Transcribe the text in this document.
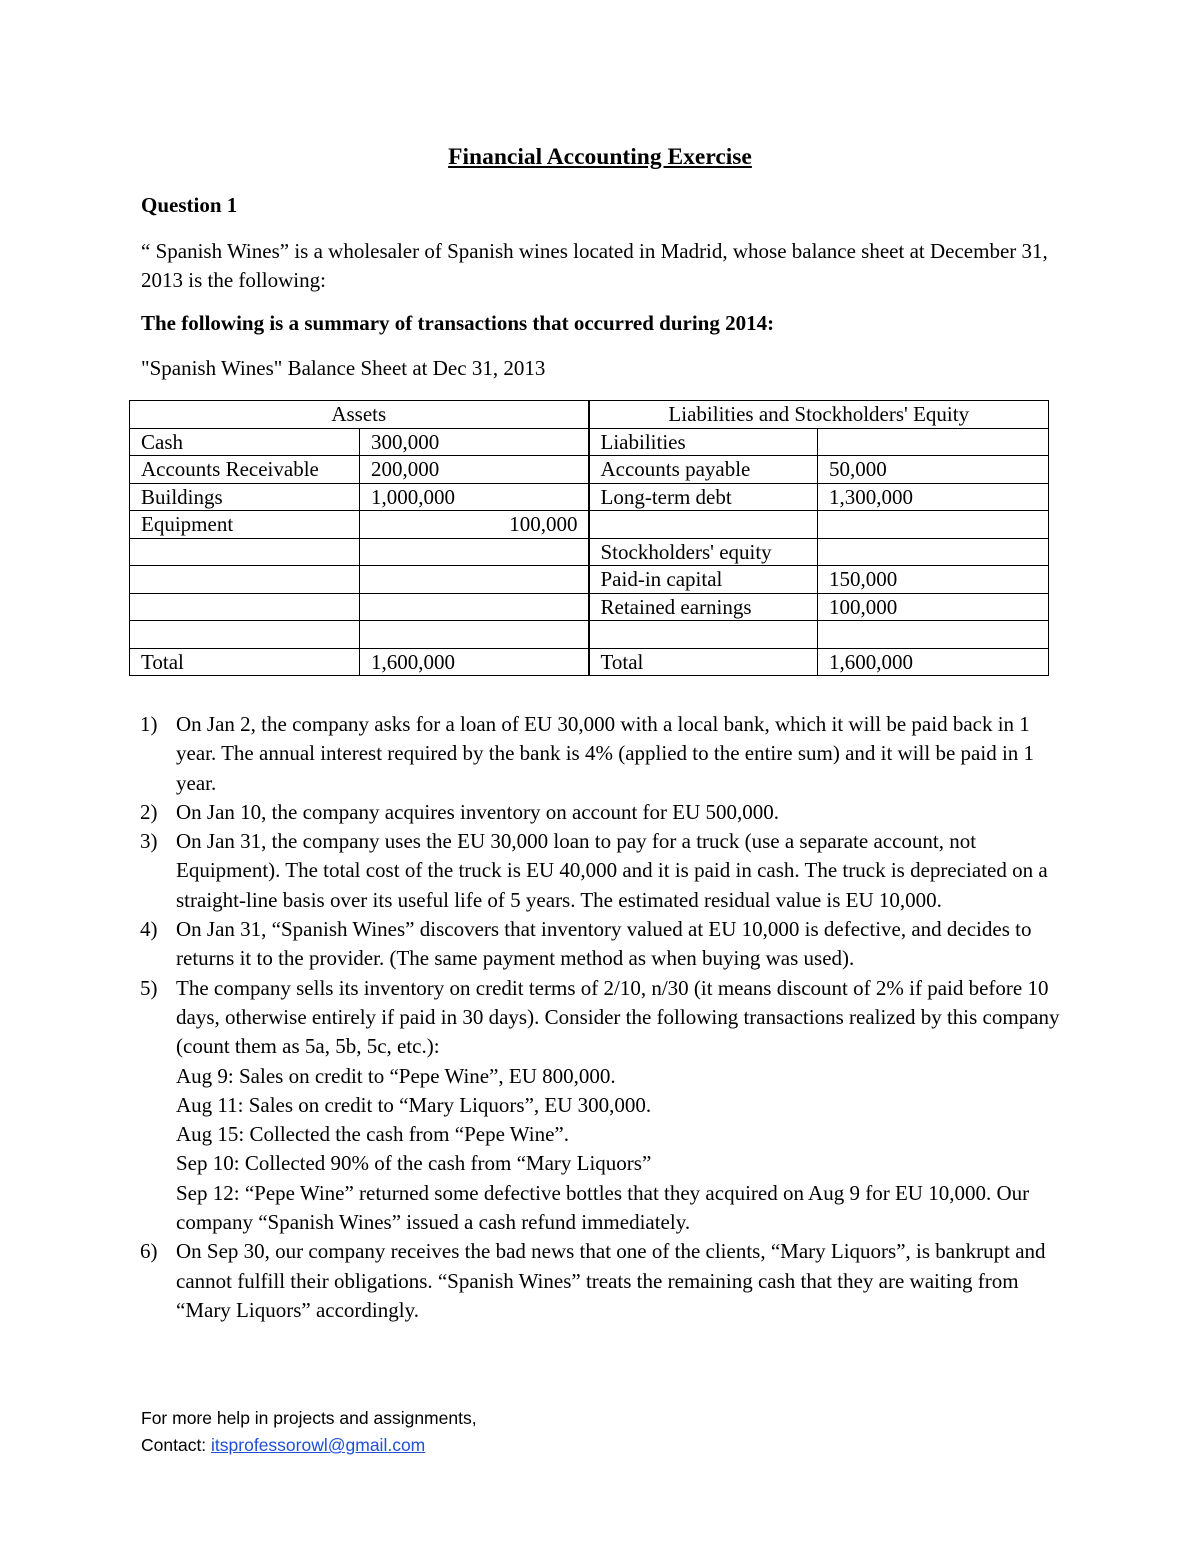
Financial Accounting Exercise
Question 1
“ Spanish Wines” is a wholesaler of Spanish wines located in Madrid, whose balance sheet at December 31, 2013 is the following:
The following is a summary of transactions that occurred during 2014:
"Spanish Wines" Balance Sheet at Dec 31, 2013
Assets		Liabilities and Stockholders' Equity	
Cash	300,000	Liabilities	
Accounts Receivable	200,000	Accounts payable	50,000
Buildings	1,000,000	Long-term debt	1,300,000
Equipment	100,000		
		Stockholders' equity	
		Paid-in capital	150,000
		Retained earnings	100,000

Total	1,600,000	Total	1,600,000
1) On Jan 2, the company asks for a loan of EU 30,000 with a local bank, which it will be paid back in 1 year. The annual interest required by the bank is 4% (applied to the entire sum) and it will be paid in 1 year.
2) On Jan 10, the company acquires inventory on account for EU 500,000.
3) On Jan 31, the company uses the EU 30,000 loan to pay for a truck (use a separate account, not Equipment). The total cost of the truck is EU 40,000 and it is paid in cash. The truck is depreciated on a straight-line basis over its useful life of 5 years. The estimated residual value is EU 10,000.
4) On Jan 31, “Spanish Wines” discovers that inventory valued at EU 10,000 is defective, and decides to returns it to the provider. (The same payment method as when buying was used).
5) The company sells its inventory on credit terms of 2/10, n/30 (it means discount of 2% if paid before 10 days, otherwise entirely if paid in 30 days). Consider the following transactions realized by this company (count them as 5a, 5b, 5c, etc.):
Aug 9: Sales on credit to “Pepe Wine”, EU 800,000.
Aug 11: Sales on credit to “Mary Liquors”, EU 300,000.
Aug 15: Collected the cash from “Pepe Wine”.
Sep 10: Collected 90% of the cash from “Mary Liquors”
Sep 12: “Pepe Wine” returned some defective bottles that they acquired on Aug 9 for EU 10,000. Our company “Spanish Wines” issued a cash refund immediately.
6) On Sep 30, our company receives the bad news that one of the clients, “Mary Liquors”, is bankrupt and cannot fulfill their obligations. “Spanish Wines” treats the remaining cash that they are waiting from “Mary Liquors” accordingly.
For more help in projects and assignments,
Contact: itsprofessorowl@gmail.com
